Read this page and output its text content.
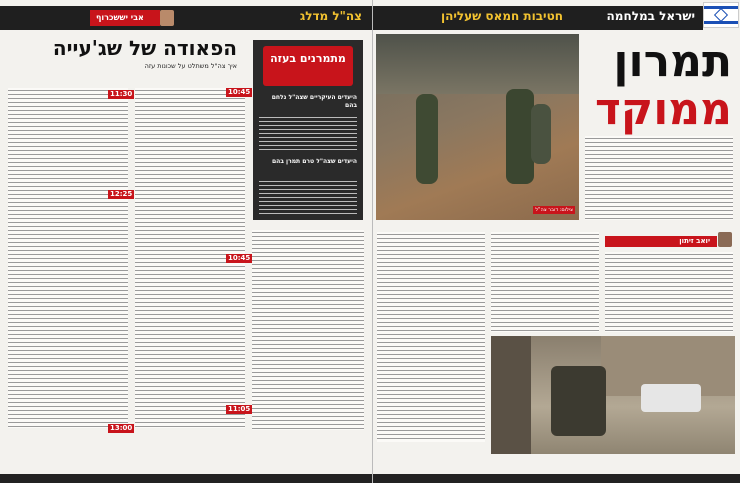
צה"ל מדלג
אבי יששכרוף
הפאודה של שג'עייה
איך צה"ל משתלט על שכונות עזה
11:30
12:25
10:45
10:45
11:05
13:00
מתמרנים בעזה
היעדים העיקריים שצה"ל נלחם בהם
היעדים שצה"ל טרם תמרן בהם
ישראל במלחמה
חטיבות חמאס שעליהן
צילום: דובר צה"ל
תמרון
ממוקד
יואב זיתון
